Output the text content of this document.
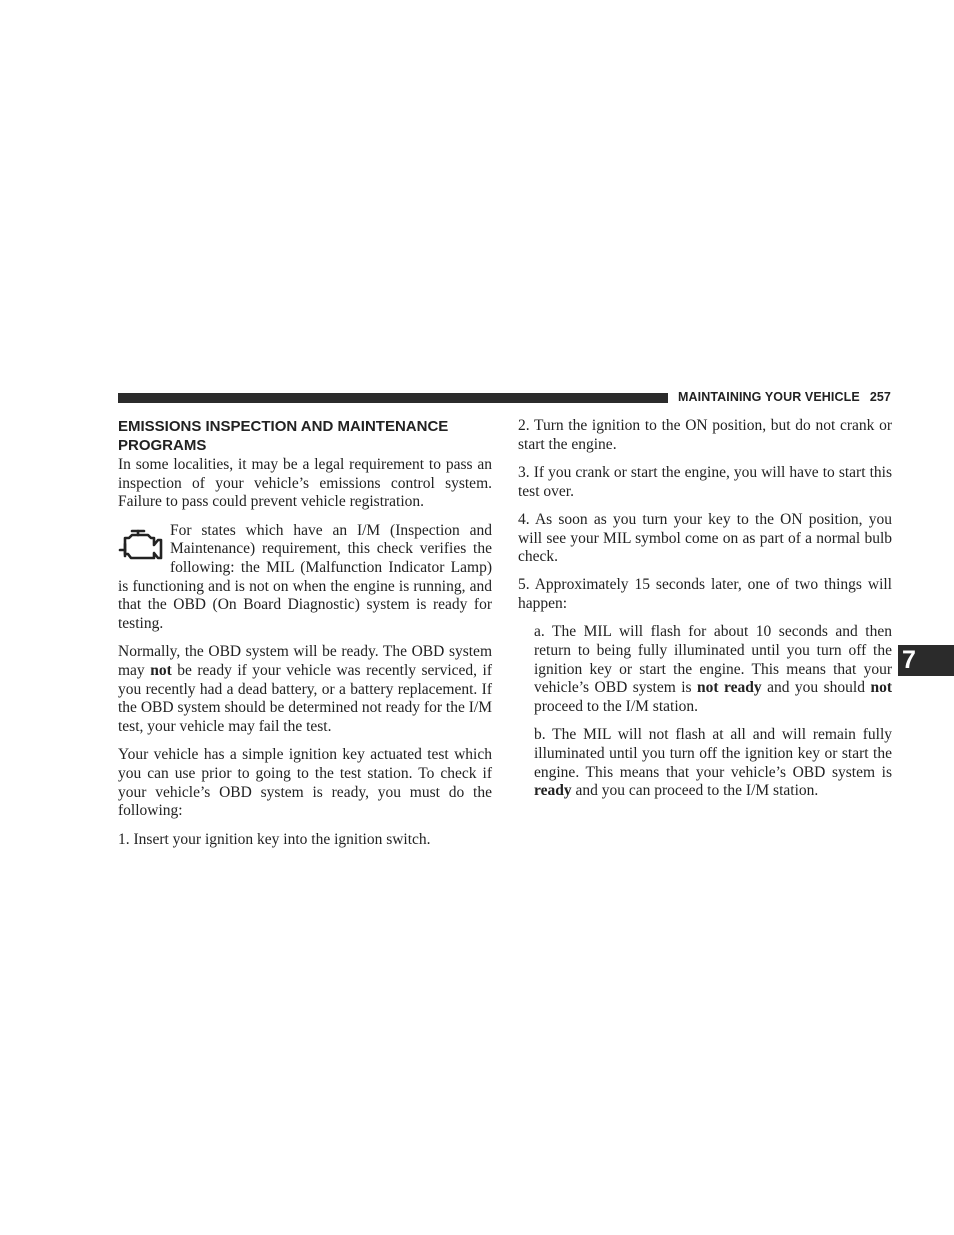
MAINTAINING YOUR VEHICLE 257

EMISSIONS INSPECTION AND MAINTENANCE PROGRAMS

In some localities, it may be a legal requirement to pass an inspection of your vehicle’s emissions control system. Failure to pass could prevent vehicle registration.

For states which have an I/M (Inspection and Maintenance) requirement, this check verifies the following: the MIL (Malfunction Indicator Lamp) is functioning and is not on when the engine is running, and that the OBD (On Board Diagnostic) system is ready for testing.

Normally, the OBD system will be ready. The OBD system may not be ready if your vehicle was recently serviced, if you recently had a dead battery, or a battery replacement. If the OBD system should be determined not ready for the I/M test, your vehicle may fail the test.

Your vehicle has a simple ignition key actuated test which you can use prior to going to the test station. To check if your vehicle’s OBD system is ready, you must do the following:

1. Insert your ignition key into the ignition switch.

2. Turn the ignition to the ON position, but do not crank or start the engine.

3. If you crank or start the engine, you will have to start this test over.

4. As soon as you turn your key to the ON position, you will see your MIL symbol come on as part of a normal bulb check.

5. Approximately 15 seconds later, one of two things will happen:

a. The MIL will flash for about 10 seconds and then return to being fully illuminated until you turn off the ignition key or start the engine. This means that your vehicle’s OBD system is not ready and you should not proceed to the I/M station.

b. The MIL will not flash at all and will remain fully illuminated until you turn off the ignition key or start the engine. This means that your vehicle’s OBD system is ready and you can proceed to the I/M station.

7
